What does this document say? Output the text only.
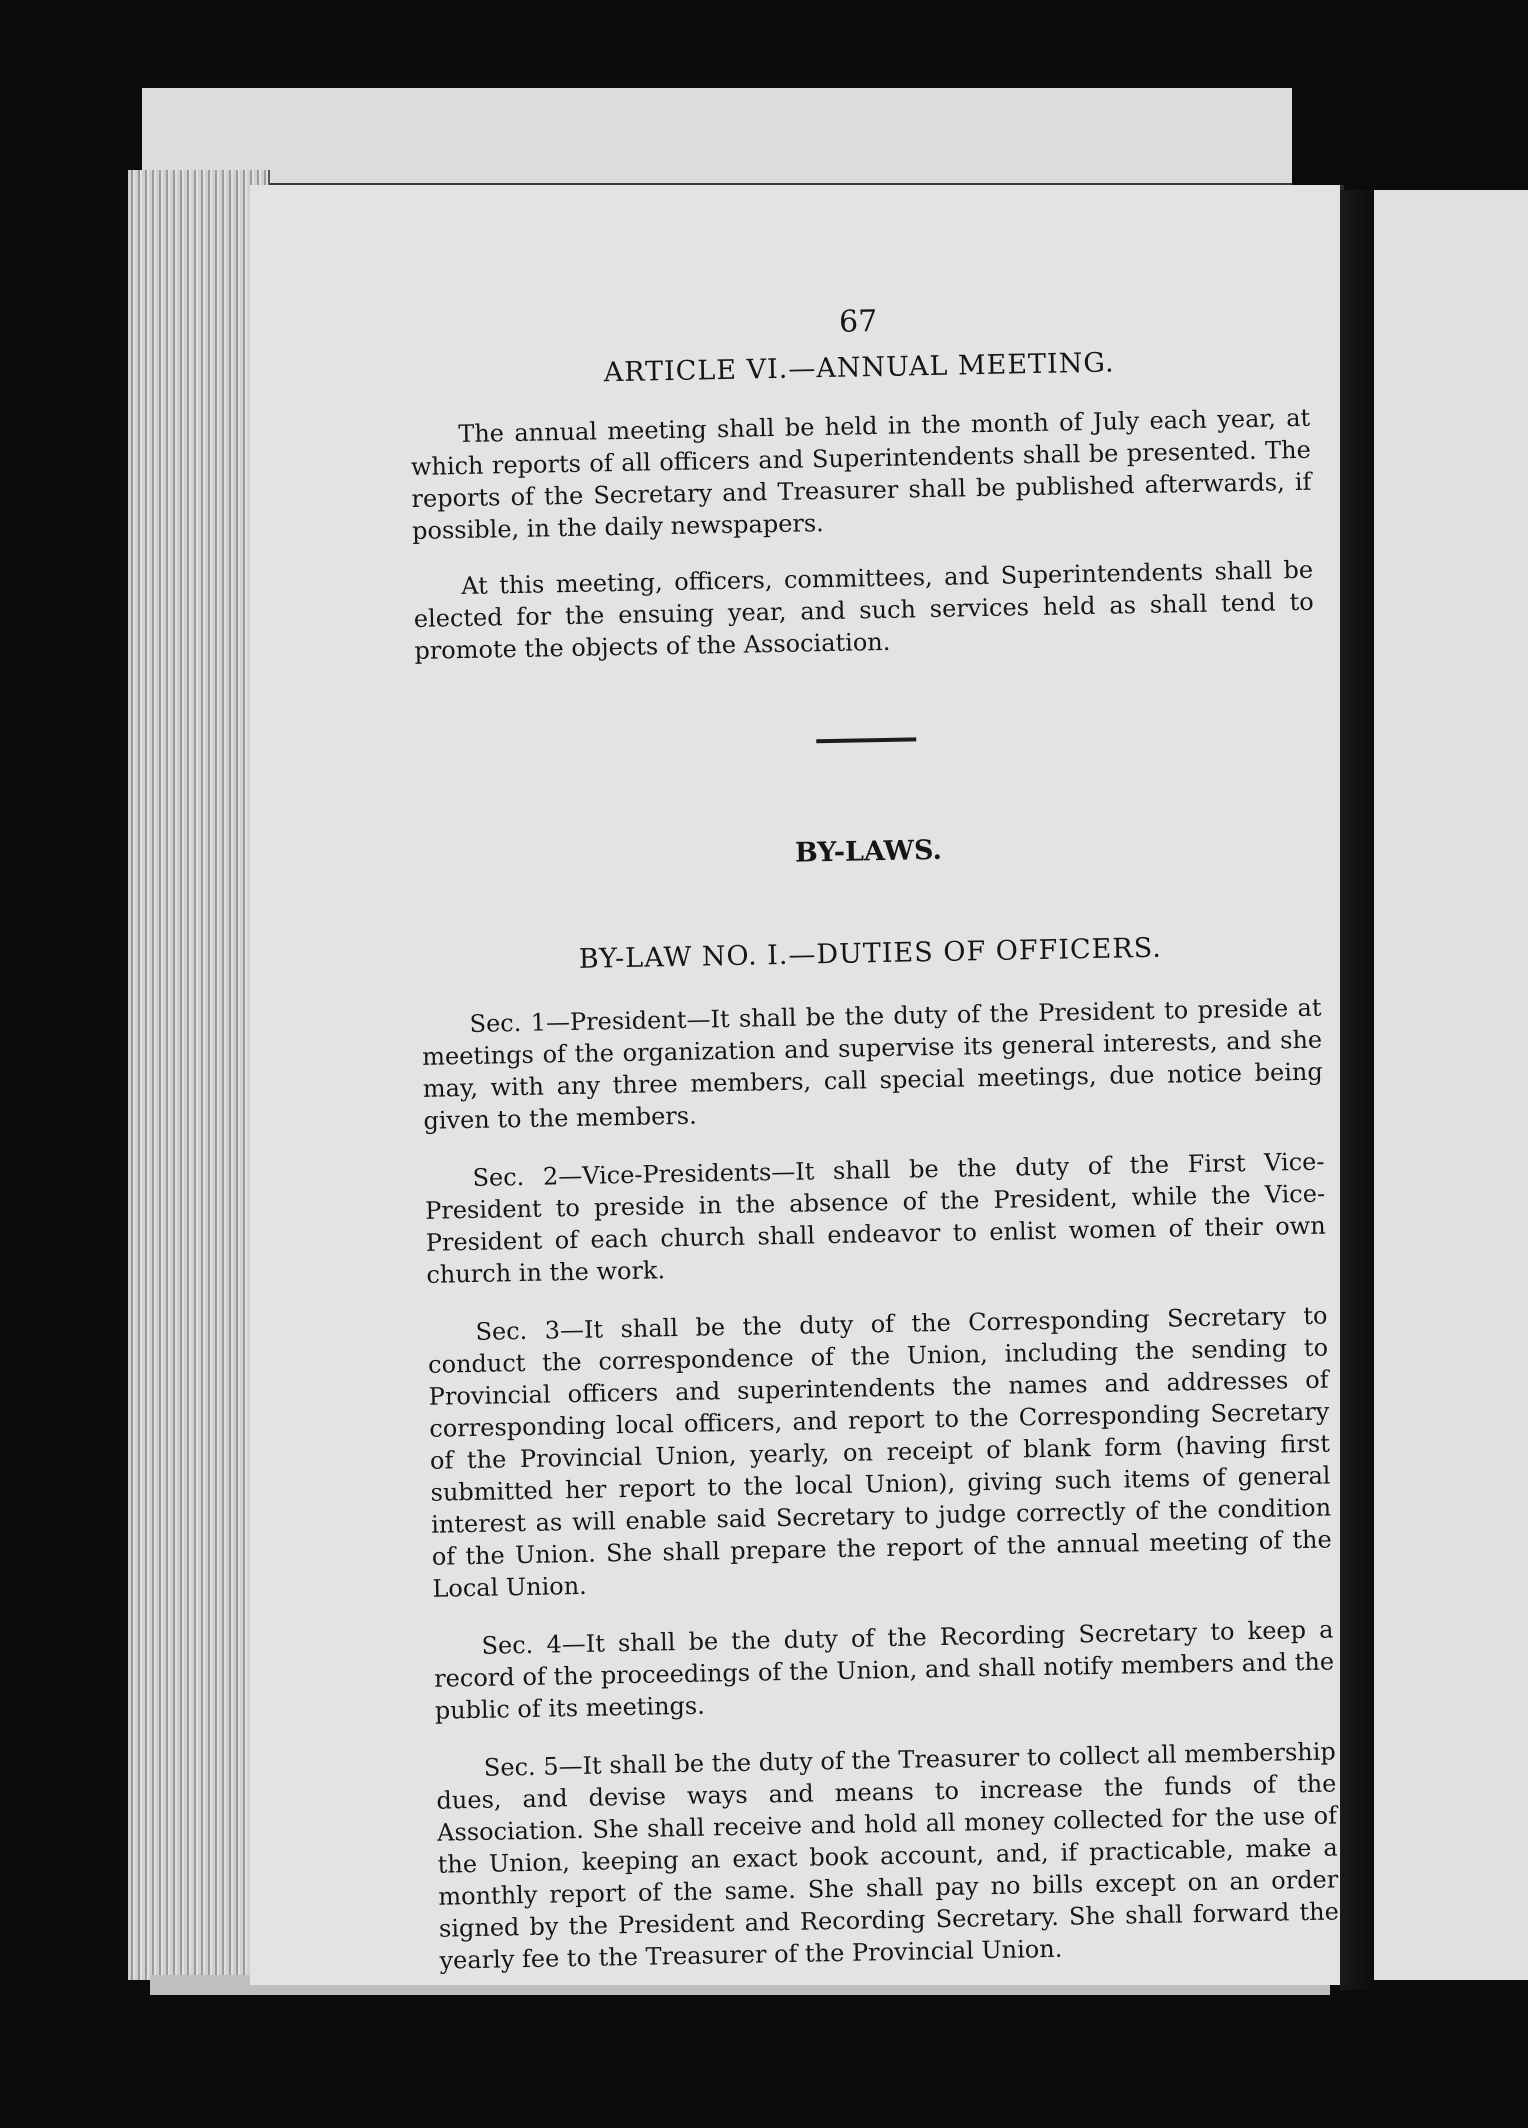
67
ARTICLE VI.—ANNUAL MEETING.

The annual meeting shall be held in the month of July each year, at which reports of all officers and Superintendents shall be presented. The reports of the Secretary and Treasurer shall be published afterwards, if possible, in the daily newspapers.

At this meeting, officers, committees, and Superintendents shall be elected for the ensuing year, and such services held as shall tend to promote the objects of the Association.

BY-LAWS.
BY-LAW NO. I.—DUTIES OF OFFICERS.

Sec. 1—President—It shall be the duty of the President to preside at meetings of the organization and supervise its general interests, and she may, with any three members, call special meetings, due notice being given to the members.

Sec. 2—Vice-Presidents—It shall be the duty of the First Vice-President to preside in the absence of the President, while the Vice-President of each church shall endeavor to enlist women of their own church in the work.

Sec. 3—It shall be the duty of the Corresponding Secretary to conduct the correspondence of the Union, including the sending to Provincial officers and superintendents the names and addresses of corresponding local officers, and report to the Corresponding Secretary of the Provincial Union, yearly, on receipt of blank form (having first submitted her report to the local Union), giving such items of general interest as will enable said Secretary to judge correctly of the condition of the Union. She shall prepare the report of the annual meeting of the Local Union.

Sec. 4—It shall be the duty of the Recording Secretary to keep a record of the proceedings of the Union, and shall notify members and the public of its meetings.

Sec. 5—It shall be the duty of the Treasurer to collect all membership dues, and devise ways and means to increase the funds of the Association. She shall receive and hold all money collected for the use of the Union, keeping an exact book account, and, if practicable, make a monthly report of the same. She shall pay no bills except on an order signed by the President and Recording Secretary. She shall forward the yearly fee to the Treasurer of the Provincial Union.
